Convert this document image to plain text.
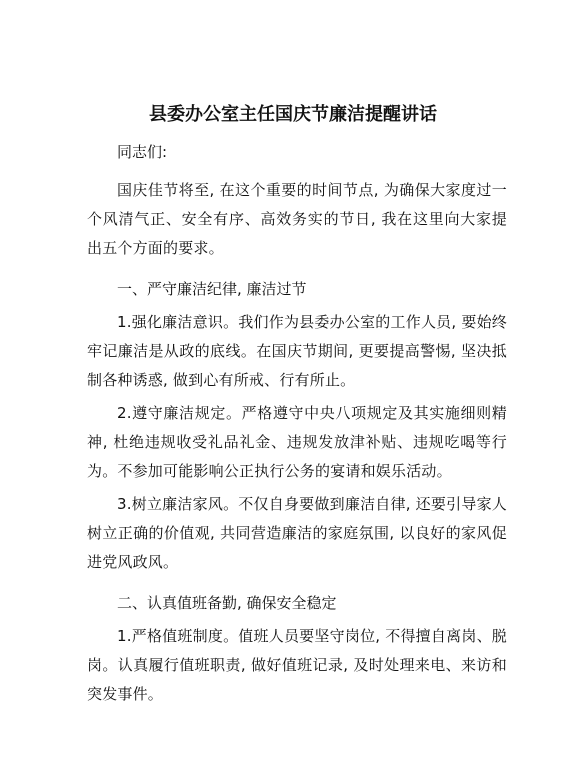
县委办公室主任国庆节廉洁提醒讲话

同志们:

国庆佳节将至, 在这个重要的时间节点, 为确保大家度过一个风清气正、安全有序、高效务实的节日, 我在这里向大家提出五个方面的要求。

一、严守廉洁纪律, 廉洁过节

1.强化廉洁意识。我们作为县委办公室的工作人员, 要始终牢记廉洁是从政的底线。在国庆节期间, 更要提高警惕, 坚决抵制各种诱惑, 做到心有所戒、行有所止。

2.遵守廉洁规定。严格遵守中央八项规定及其实施细则精神, 杜绝违规收受礼品礼金、违规发放津补贴、违规吃喝等行为。不参加可能影响公正执行公务的宴请和娱乐活动。

3.树立廉洁家风。不仅自身要做到廉洁自律, 还要引导家人树立正确的价值观, 共同营造廉洁的家庭氛围, 以良好的家风促进党风政风。

二、认真值班备勤, 确保安全稳定

1.严格值班制度。值班人员要坚守岗位, 不得擅自离岗、脱岗。认真履行值班职责, 做好值班记录, 及时处理来电、来访和突发事件。
